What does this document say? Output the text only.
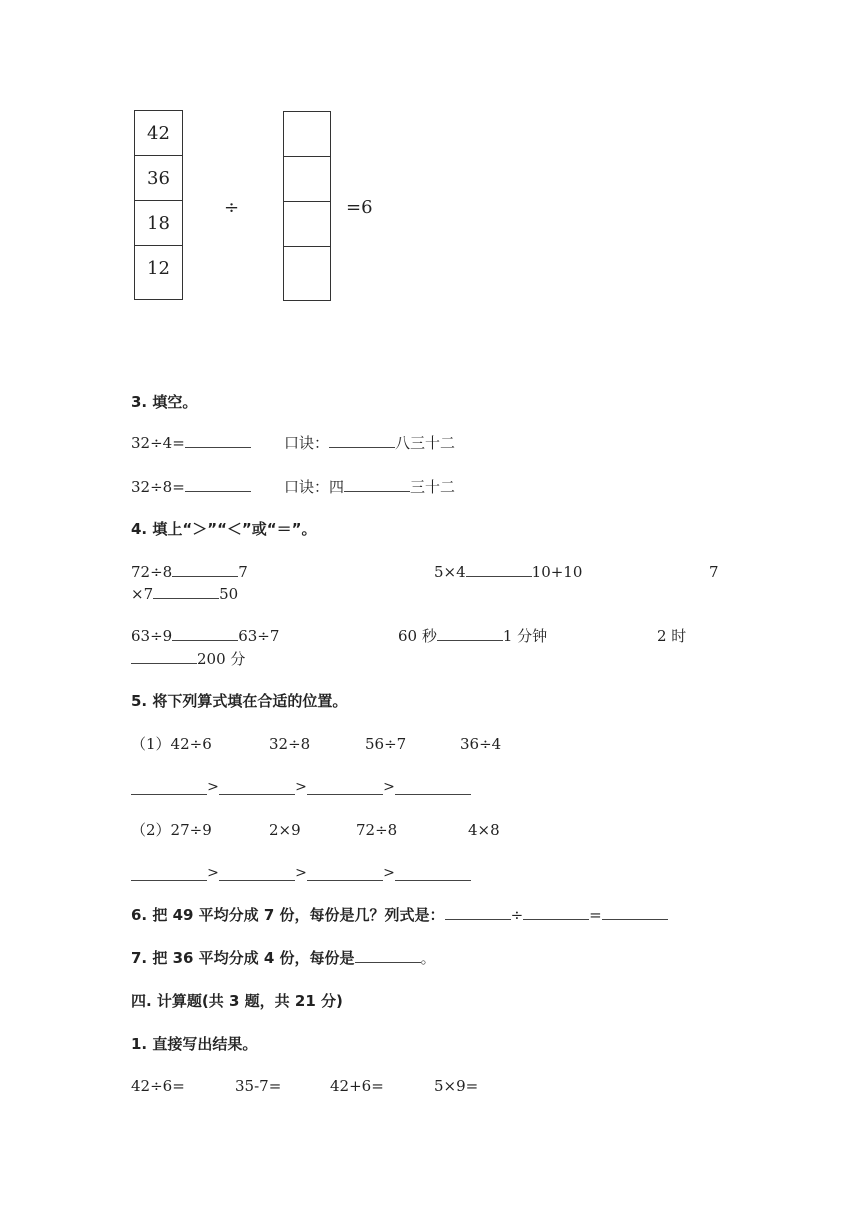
42
36
18
12
÷	=6
3. 填空。
32÷4=	口诀：	八三十二
32÷8=	口诀：四	三十二
4. 填上“＞”“＜”或“＝”。
72÷8	7	5×4	10+10	7
×7	50
63÷9	63÷7	60 秒	1 分钟	2 时
200 分
5. 将下列算式填在合适的位置。
（1）42÷6	32÷8	56÷7	36÷4
>	>	>
（2）27÷9	2×9	72÷8	4×8
>	>	>
6. 把 49 平均分成 7 份，每份是几？列式是：	÷	=
7. 把 36 平均分成 4 份，每份是	。
四. 计算题(共 3 题，共 21 分)
1. 直接写出结果。
42÷6=	35-7=	42+6=	5×9=
